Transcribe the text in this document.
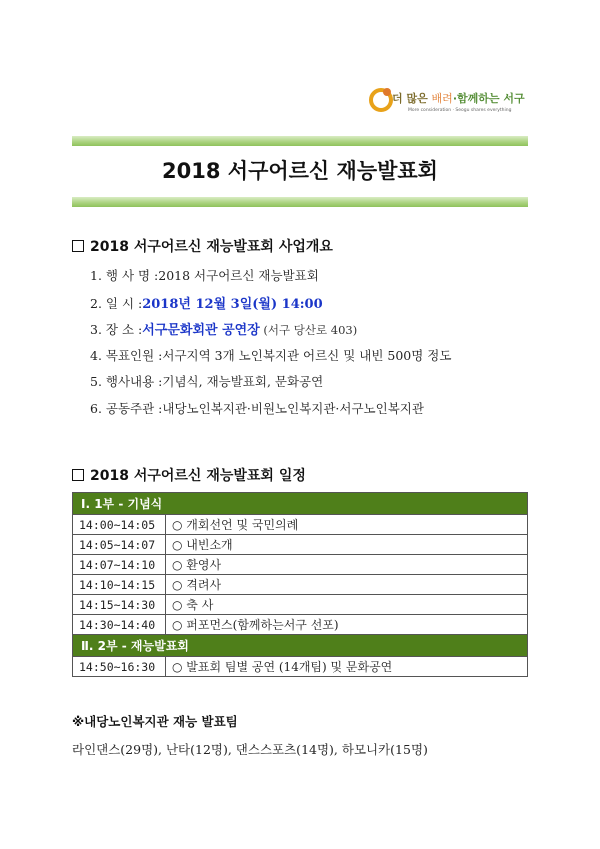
더 많은 배려·함께하는 서구
More consideration · Seogu shares everything
2018 서구어르신 재능발표회
2018 서구어르신 재능발표회 사업개요
1. 행 사 명 :2018 서구어르신 재능발표회
2. 일 시 :2018년 12월 3일(월) 14:00
3. 장 소 :서구문화회관 공연장 (서구 당산로 403)
4. 목표인원 :서구지역 3개 노인복지관 어르신 및 내빈 500명 정도
5. 행사내용 :기념식, 재능발표회, 문화공연
6. 공동주관 :내당노인복지관·비원노인복지관·서구노인복지관
2018 서구어르신 재능발표회 일정
Ⅰ. 1부 - 기념식	
14:00~14:05	○ 개회선언 및 국민의례
14:05~14:07	○ 내빈소개
14:07~14:10	○ 환영사
14:10~14:15	○ 격려사
14:15~14:30	○ 축 사
14:30~14:40	○ 퍼포먼스(함께하는서구 선포)
Ⅱ. 2부 - 재능발표회	
14:50~16:30	○ 발표회 팀별 공연 (14개팀) 및 문화공연
※내당노인복지관 재능 발표팀
라인댄스(29명), 난타(12명), 댄스스포츠(14명), 하모니카(15명)
